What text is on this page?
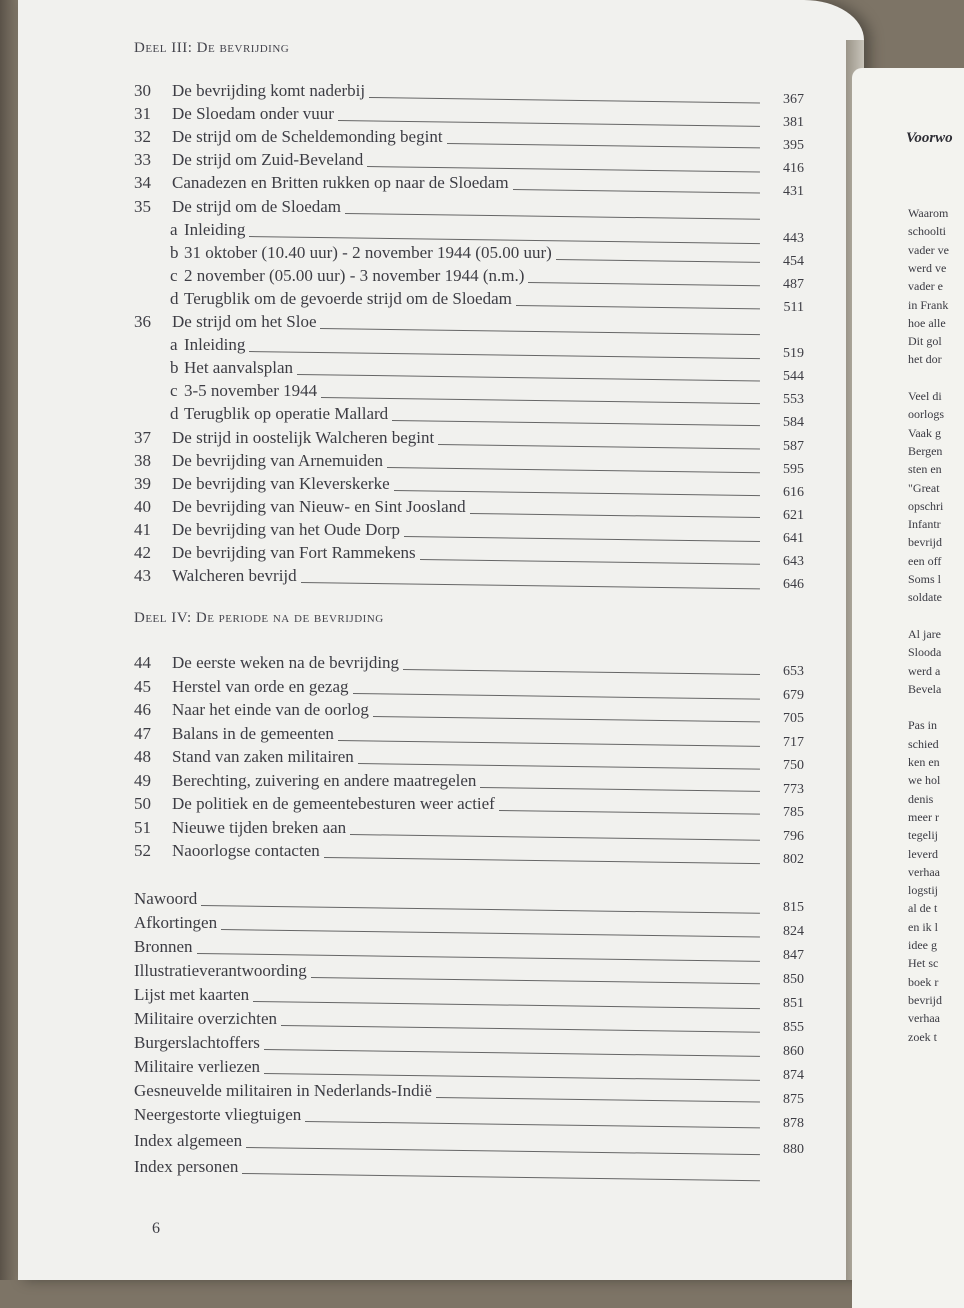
Deel III: De bevrijding
Deel IV: De periode na de bevrijding
30 De bevrijding komt naderbij
31 De Sloedam onder vuur
32 De strijd om de Scheldemonding begint
33 De strijd om Zuid-Beveland
34 Canadezen en Britten rukken op naar de Sloedam
35 De strijd om de Sloedam
a Inleiding
b 31 oktober (10.40 uur) - 2 november 1944 (05.00 uur)
c 2 november (05.00 uur) - 3 november 1944 (n.m.)
d Terugblik om de gevoerde strijd om de Sloedam
36 De strijd om het Sloe
a Inleiding
b Het aanvalsplan
c 3-5 november 1944
d Terugblik op operatie Mallard
37 De strijd in oostelijk Walcheren begint
38 De bevrijding van Arnemuiden
39 De bevrijding van Kleverskerke
40 De bevrijding van Nieuw- en Sint Joosland
41 De bevrijding van het Oude Dorp
42 De bevrijding van Fort Rammekens
43 Walcheren bevrijd
44 De eerste weken na de bevrijding
45 Herstel van orde en gezag
46 Naar het einde van de oorlog
47 Balans in de gemeenten
48 Stand van zaken militairen
49 Berechting, zuivering en andere maatregelen
50 De politiek en de gemeentebesturen weer actief
51 Nieuwe tijden breken aan
52 Naoorlogse contacten
Nawoord
Afkortingen
Bronnen
Illustratieverantwoording
Lijst met kaarten
Militaire overzichten
Burgerslachtoffers
Militaire verliezen
Gesneuvelde militairen in Nederlands-Indië
Neergestorte vliegtuigen
Index algemeen
Index personen
6
Voorwo
Waarom
schoolti
vader ve
werd ve
vader e
in Frank
hoe alle
Dit gol
het dor
Veel di
oorlogs
Vaak g
Bergen
sten en
"Great
opschri
Infantr
bevrijd
een off
Soms l
soldate
Al jare
Slooda
werd a
Bevela
Pas in
schied
ken en
we hol
denis
meer r
tegelij
leverd
verhaa
logstij
al de t
en ik l
idee g
Het sc
boek r
bevrijd
verhaa
zoek t
367
381
395
416
431
443
454
487
511
519
544
553
584
587
595
616
621
641
643
646
653
679
705
717
750
773
785
796
802
815
824
847
850
851
855
860
874
875
878
880
